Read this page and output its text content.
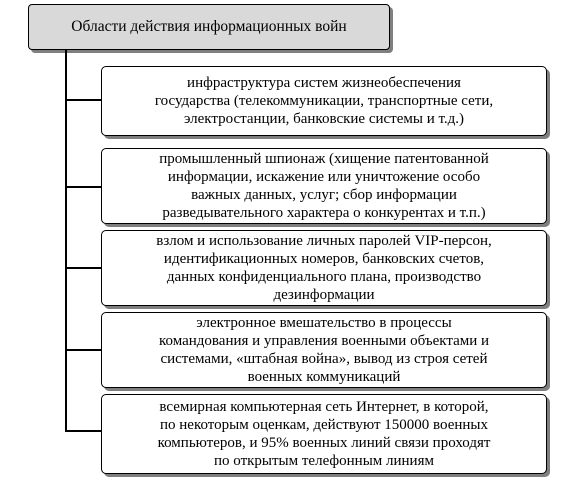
Области действия информационных войн
инфраструктура систем жизнеобеспечения
государства (телекоммуникации, транспортные сети,
электростанции, банковские системы и т.д.)
промышленный шпионаж (хищение патентованной
информации, искажение или уничтожение особо
важных данных, услуг; сбор информации
разведывательного характера о конкурентах и т.п.)
взлом и использование личных паролей VIP-персон,
идентификационных номеров, банковских счетов,
данных конфиденциального плана, производство
дезинформации
электронное вмешательство в процессы
командования и управления военными объектами и
системами, «штабная война», вывод из строя сетей
военных коммуникаций
всемирная компьютерная сеть Интернет, в которой,
по некоторым оценкам, действуют 150000 военных
компьютеров, и 95% военных линий связи проходят
по открытым телефонным линиям
